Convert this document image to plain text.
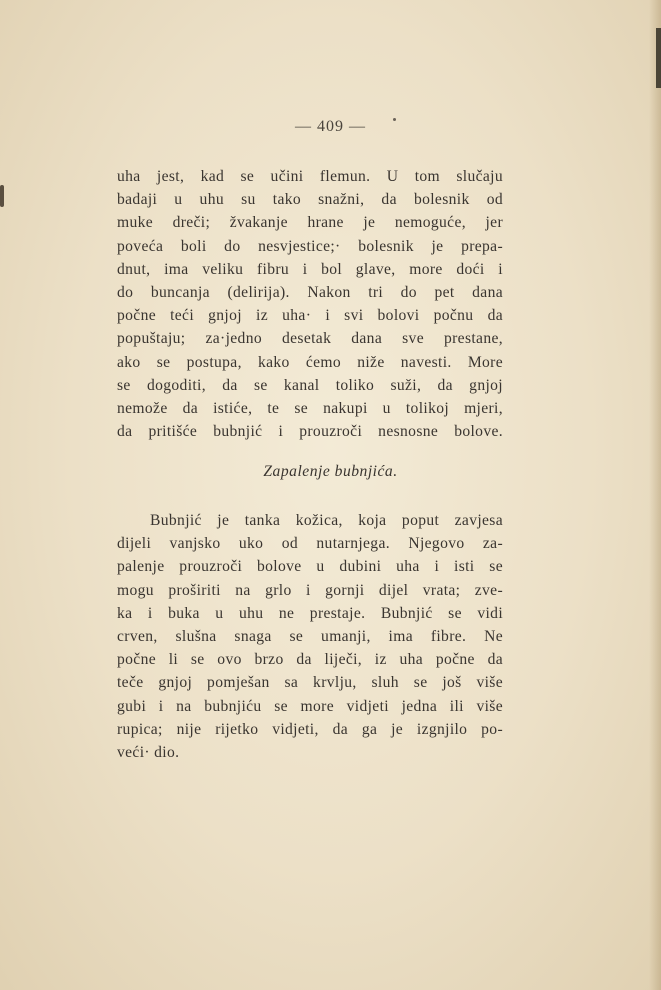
— 409 —
uha jest, kad se učini flemun. U tom slučaju
badaji u uhu su tako snažni, da bolesnik od
muke dreči; žvakanje hrane je nemoguće, jer
poveća boli do nesvjestice;· bolesnik je prepa-
dnut, ima veliku fibru i bol glave, more doći i
do buncanja (delirija). Nakon tri do pet dana
počne teći gnjoj iz uha· i svi bolovi počnu da
popuštaju; za·jedno desetak dana sve prestane,
ako se postupa, kako ćemo niže navesti. More
se dogoditi, da se kanal toliko suži, da gnjoj
nemože da istiće, te se nakupi u tolikoj mjeri,
da pritišće bubnjić i prouzroči nesnosne bolove.
Zapalenje bubnjića.
Bubnjić je tanka kožica, koja poput zavjesa
dijeli vanjsko uko od nutarnjega. Njegovo za-
palenje prouzroči bolove u dubini uha i isti se
mogu proširiti na grlo i gornji dijel vrata; zve-
ka i buka u uhu ne prestaje. Bubnjić se vidi
crven, slušna snaga se umanji, ima fibre. Ne
počne li se ovo brzo da liječi, iz uha počne da
teče gnjoj pomješan sa krvlju, sluh se još više
gubi i na bubnjiću se more vidjeti jedna ili više
rupica; nije rijetko vidjeti, da ga je izgnjilo po-
veći· dio.
